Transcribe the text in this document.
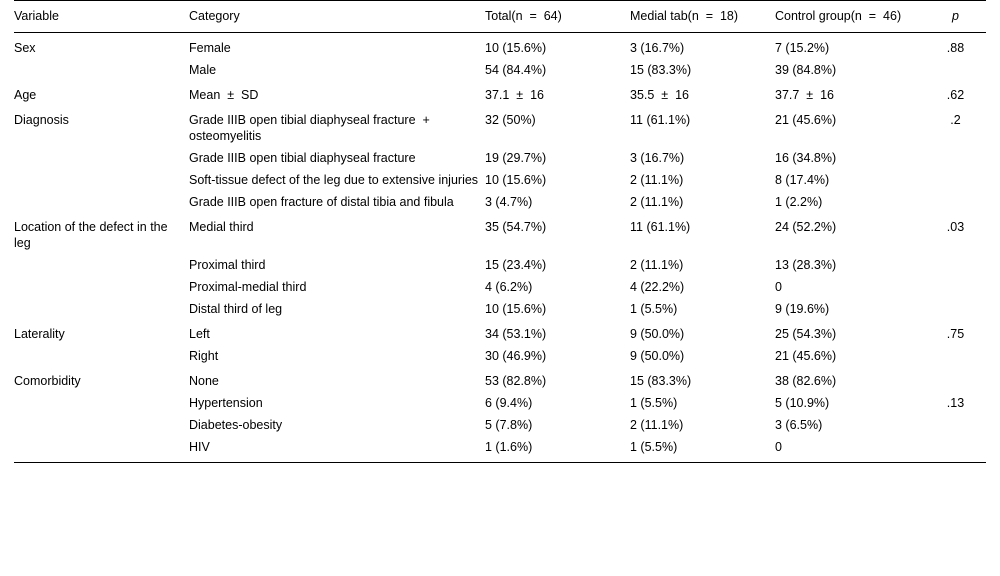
Variable	Category	Total(n  =  64)	Medial tab(n  =  18)	Control group(n  =  46)	p
Sex	Female	10 (15.6%)	3 (16.7%)	7 (15.2%)	.88
	Male	54 (84.4%)	15 (83.3%)	39 (84.8%)	
Age	Mean  ±  SD	37.1  ±  16	35.5  ±  16	37.7  ±  16	.62
Diagnosis	Grade IIIB open tibial diaphyseal fracture  +  osteomyelitis	32 (50%)	11 (61.1%)	21 (45.6%)	.2
	Grade IIIB open tibial diaphyseal fracture	19 (29.7%)	3 (16.7%)	16 (34.8%)	
	Soft-tissue defect of the leg due to extensive injuries	10 (15.6%)	2 (11.1%)	8 (17.4%)	
	Grade IIIB open fracture of distal tibia and fibula	3 (4.7%)	2 (11.1%)	1 (2.2%)	
Location of the defect in the leg	Medial third	35 (54.7%)	11 (61.1%)	24 (52.2%)	.03
	Proximal third	15 (23.4%)	2 (11.1%)	13 (28.3%)	
	Proximal-medial third	4 (6.2%)	4 (22.2%)	0	
	Distal third of leg	10 (15.6%)	1 (5.5%)	9 (19.6%)	
Laterality	Left	34 (53.1%)	9 (50.0%)	25 (54.3%)	.75
	Right	30 (46.9%)	9 (50.0%)	21 (45.6%)	
Comorbidity	None	53 (82.8%)	15 (83.3%)	38 (82.6%)	
	Hypertension	6 (9.4%)	1 (5.5%)	5 (10.9%)	.13
	Diabetes-obesity	5 (7.8%)	2 (11.1%)	3 (6.5%)	
	HIV	1 (1.6%)	1 (5.5%)	0	
